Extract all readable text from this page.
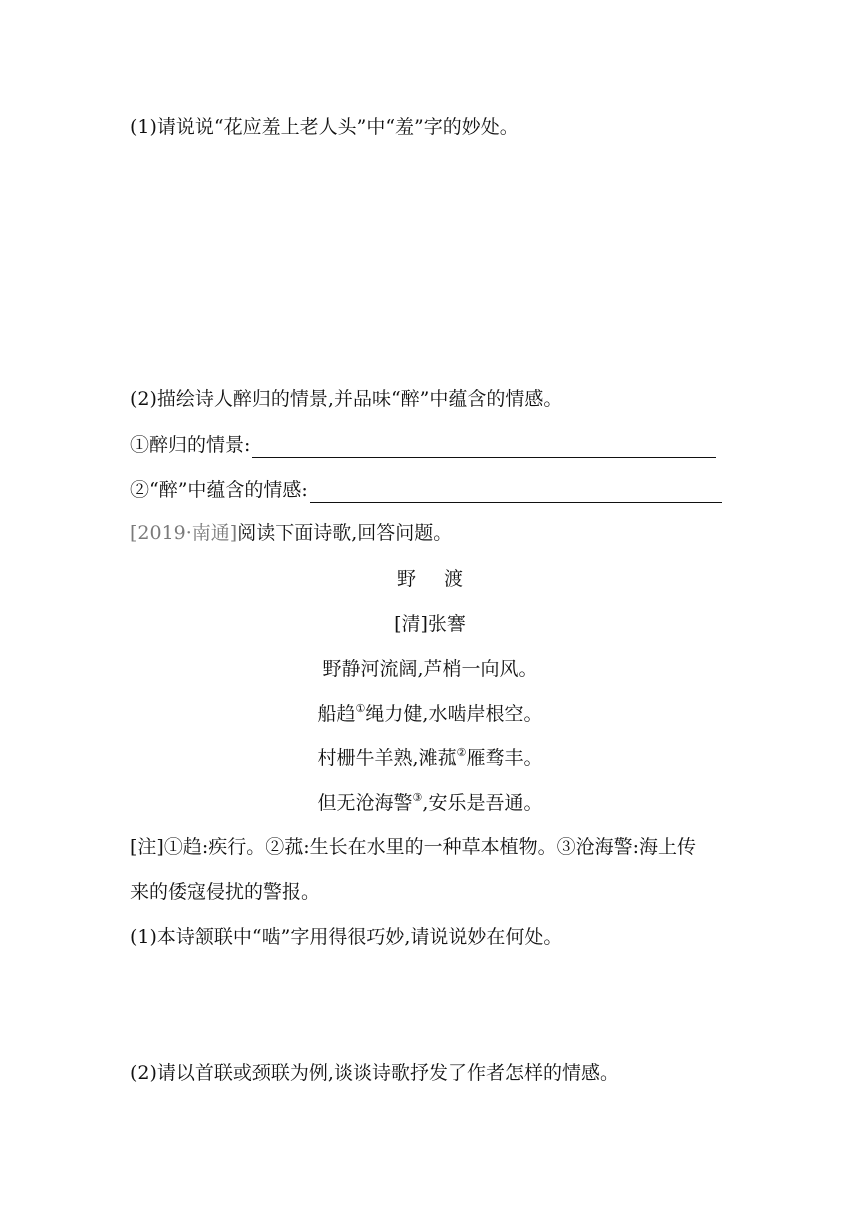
(1)请说说“花应羞上老人头”中“羞”字的妙处。
(2)描绘诗人醉归的情景,并品味“醉”中蕴含的情感。
①醉归的情景:
②“醉”中蕴含的情感:
[2019·南通]阅读下面诗歌,回答问题。
野 渡
[清]张謇
野静河流阔,芦梢一向风。
船趋①绳力健,水啮岸根空。
村栅牛羊熟,滩菰②雁骛丰。
但无沧海警③,安乐是吾通。
[注]①趋:疾行。②菰:生长在水里的一种草本植物。③沧海警:海上传
来的倭寇侵扰的警报。
(1)本诗颔联中“啮”字用得很巧妙,请说说妙在何处。
(2)请以首联或颈联为例,谈谈诗歌抒发了作者怎样的情感。
